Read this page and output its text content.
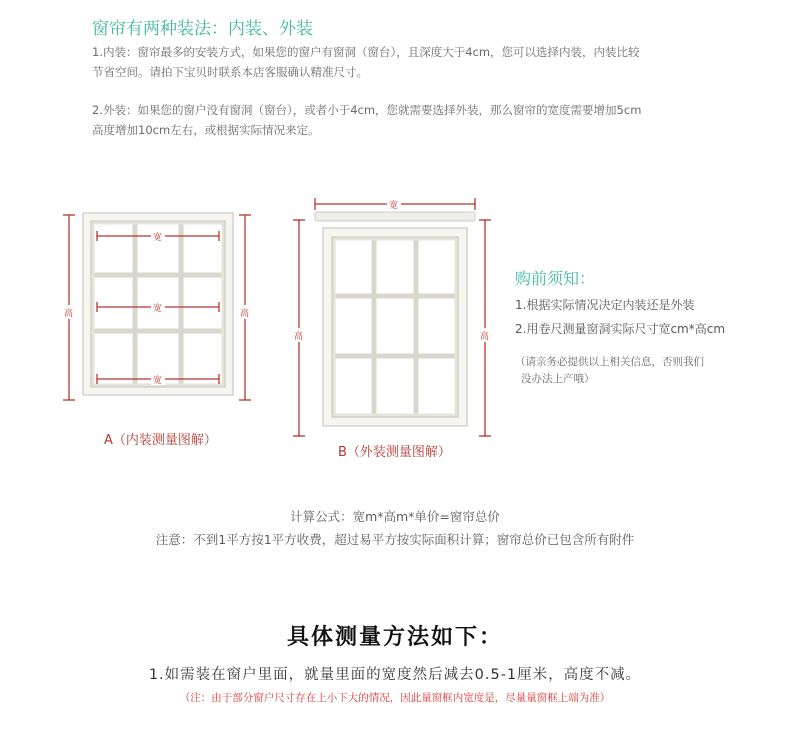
窗帘有两种装法：内装、外装
1.内装：窗帘最多的安装方式，如果您的窗户有窗洞（窗台），且深度大于4cm，您可以选择内装，内装比较
节省空间。请拍下宝贝时联系本店客服确认精准尺寸。
2.外装：如果您的窗户没有窗洞（窗台），或者小于4cm，您就需要选择外装，那么窗帘的宽度需要增加5cm
高度增加10cm左右，或根据实际情况来定。
高	高
宽
宽
宽
A（内装测量图解）
宽
高	高
B（外装测量图解）
购前须知：
1.根据实际情况决定内装还是外装
2.用卷尺测量窗洞实际尺寸宽cm*高cm
（请亲务必提供以上相关信息，否则我们
没办法上产哦）
计算公式：宽m*高m*单价=窗帘总价
注意：不到1平方按1平方收费，超过易平方按实际面积计算；窗帘总价已包含所有附件
具体测量方法如下：
1.如需装在窗户里面，就量里面的宽度然后减去0.5-1厘米，高度不减。
（注：由于部分窗户尺寸存在上小下大的情况，因此量窗框内宽度是，尽量量窗框上端为准）
